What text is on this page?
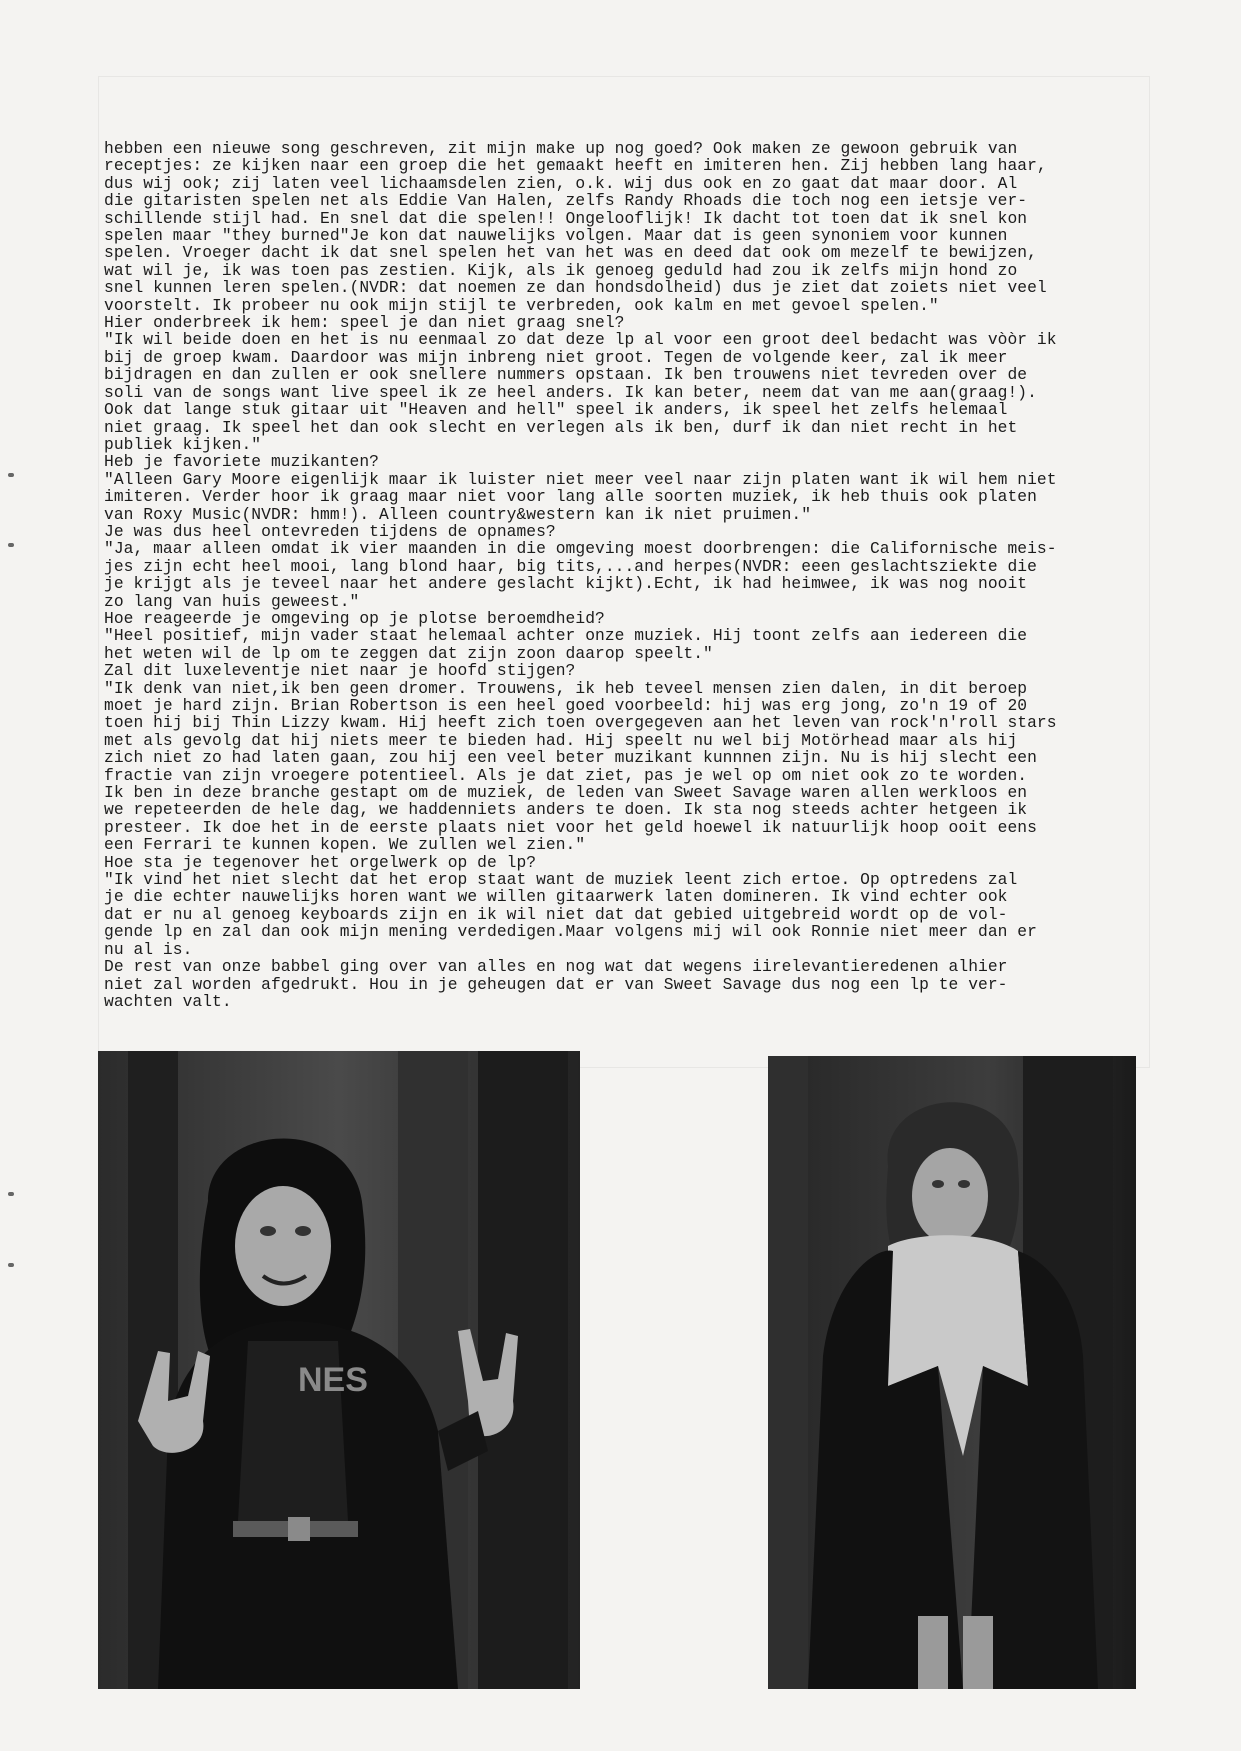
hebben een nieuwe song geschreven, zit mijn make up nog goed? Ook maken ze gewoon gebruik van

receptjes: ze kijken naar een groep die het gemaakt heeft en imiteren hen. Zij hebben lang haar,

dus wij ook; zij laten veel lichaamsdelen zien, o.k. wij dus ook en zo gaat dat maar door. Al

die gitaristen spelen net als Eddie Van Halen, zelfs Randy Rhoads die toch nog een ietsje ver-

schillende stijl had. En snel dat die spelen!! Ongelooflijk! Ik dacht tot toen dat ik snel kon

spelen maar "they burned"Je kon dat nauwelijks volgen. Maar dat is geen synoniem voor kunnen

spelen. Vroeger dacht ik dat snel spelen het van het was en deed dat ook om mezelf te bewijzen,

wat wil je, ik was toen pas zestien. Kijk, als ik genoeg geduld had zou ik zelfs mijn hond zo

snel kunnen leren spelen.(NVDR: dat noemen ze dan hondsdolheid) dus je ziet dat zoiets niet veel

voorstelt. Ik probeer nu ook mijn stijl te verbreden, ook kalm en met gevoel spelen."

Hier onderbreek ik hem: speel je dan niet graag snel?

"Ik wil beide doen en het is nu eenmaal zo dat deze lp al voor een groot deel bedacht was vòòr ik

bij de groep kwam. Daardoor was mijn inbreng niet groot. Tegen de volgende keer, zal ik meer

bijdragen en dan zullen er ook snellere nummers opstaan. Ik ben trouwens niet tevreden over de

soli van de songs want live speel ik ze heel anders. Ik kan beter, neem dat van me aan(graag!).

Ook dat lange stuk gitaar uit "Heaven and hell" speel ik anders, ik speel het zelfs helemaal

niet graag. Ik speel het dan ook slecht en verlegen als ik ben, durf ik dan niet recht in het

publiek kijken."

Heb je favoriete muzikanten?

"Alleen Gary Moore eigenlijk maar ik luister niet meer veel naar zijn platen want ik wil hem niet

imiteren. Verder hoor ik graag maar niet voor lang alle soorten muziek, ik heb thuis ook platen

van Roxy Music(NVDR: hmm!). Alleen country&western kan ik niet pruimen."

Je was dus heel ontevreden tijdens de opnames?

"Ja, maar alleen omdat ik vier maanden in die omgeving moest doorbrengen: die Californische meis-

jes zijn echt heel mooi, lang blond haar, big tits,...and herpes(NVDR: eeen geslachtsziekte die

je krijgt als je teveel naar het andere geslacht kijkt).Echt, ik had heimwee, ik was nog nooit

zo lang van huis geweest."

Hoe reageerde je omgeving op je plotse beroemdheid?

"Heel positief, mijn vader staat helemaal achter onze muziek. Hij toont zelfs aan iedereen die

het weten wil de lp om te zeggen dat zijn zoon daarop speelt."

Zal dit luxeleventje niet naar je hoofd stijgen?

"Ik denk van niet,ik ben geen dromer. Trouwens, ik heb teveel mensen zien dalen, in dit beroep

moet je hard zijn. Brian Robertson is een heel goed voorbeeld: hij was erg jong, zo'n 19 of 20

toen hij bij Thin Lizzy kwam. Hij heeft zich toen overgegeven aan het leven van rock'n'roll stars

met als gevolg dat hij niets meer te bieden had. Hij speelt nu wel bij Motörhead maar als hij

zich niet zo had laten gaan, zou hij een veel beter muzikant kunnnen zijn. Nu is hij slecht een

fractie van zijn vroegere potentieel. Als je dat ziet, pas je wel op om niet ook zo te worden.

Ik ben in deze branche gestapt om de muziek, de leden van Sweet Savage waren allen werkloos en

we repeteerden de hele dag, we haddenniets anders te doen. Ik sta nog steeds achter hetgeen ik

presteer. Ik doe het in de eerste plaats niet voor het geld hoewel ik natuurlijk hoop ooit eens

een Ferrari te kunnen kopen. We zullen wel zien."

Hoe sta je tegenover het orgelwerk op de lp?

"Ik vind het niet slecht dat het erop staat want de muziek leent zich ertoe. Op optredens zal

je die echter nauwelijks horen want we willen gitaarwerk laten domineren. Ik vind echter ook

dat er nu al genoeg keyboards zijn en ik wil niet dat dat gebied uitgebreid wordt op de vol-

gende lp en zal dan ook mijn mening verdedigen.Maar volgens mij wil ook Ronnie niet meer dan er

nu al is.

De rest van onze babbel ging over van alles en nog wat dat wegens iirelevantieredenen alhier

niet zal worden afgedrukt. Hou in je geheugen dat er van Sweet Savage dus nog een lp te ver-

wachten valt.

NES
